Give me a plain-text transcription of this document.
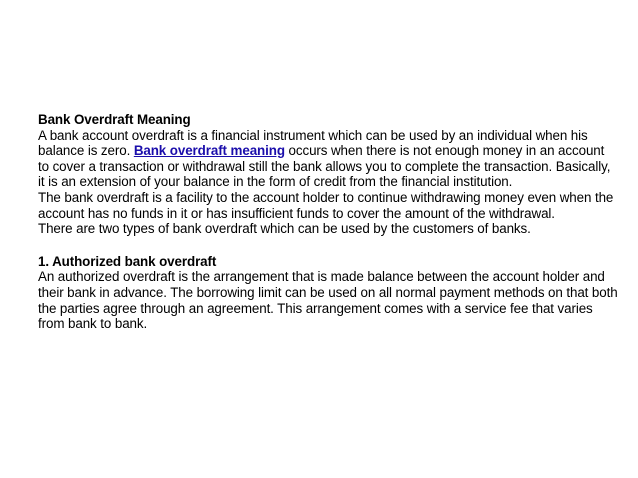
Bank Overdraft Meaning

A bank account overdraft is a financial instrument which can be used by an individual when his balance is zero. Bank overdraft meaning occurs when there is not enough money in an account to cover a transaction or withdrawal still the bank allows you to complete the transaction. Basically, it is an extension of your balance in the form of credit from the financial institution.

The bank overdraft is a facility to the account holder to continue withdrawing money even when the account has no funds in it or has insufficient funds to cover the amount of the withdrawal.

There are two types of bank overdraft which can be used by the customers of banks.

1. Authorized bank overdraft

An authorized overdraft is the arrangement that is made balance between the account holder and their bank in advance. The borrowing limit can be used on all normal payment methods on that both the parties agree through an agreement. This arrangement comes with a service fee that varies from bank to bank.
